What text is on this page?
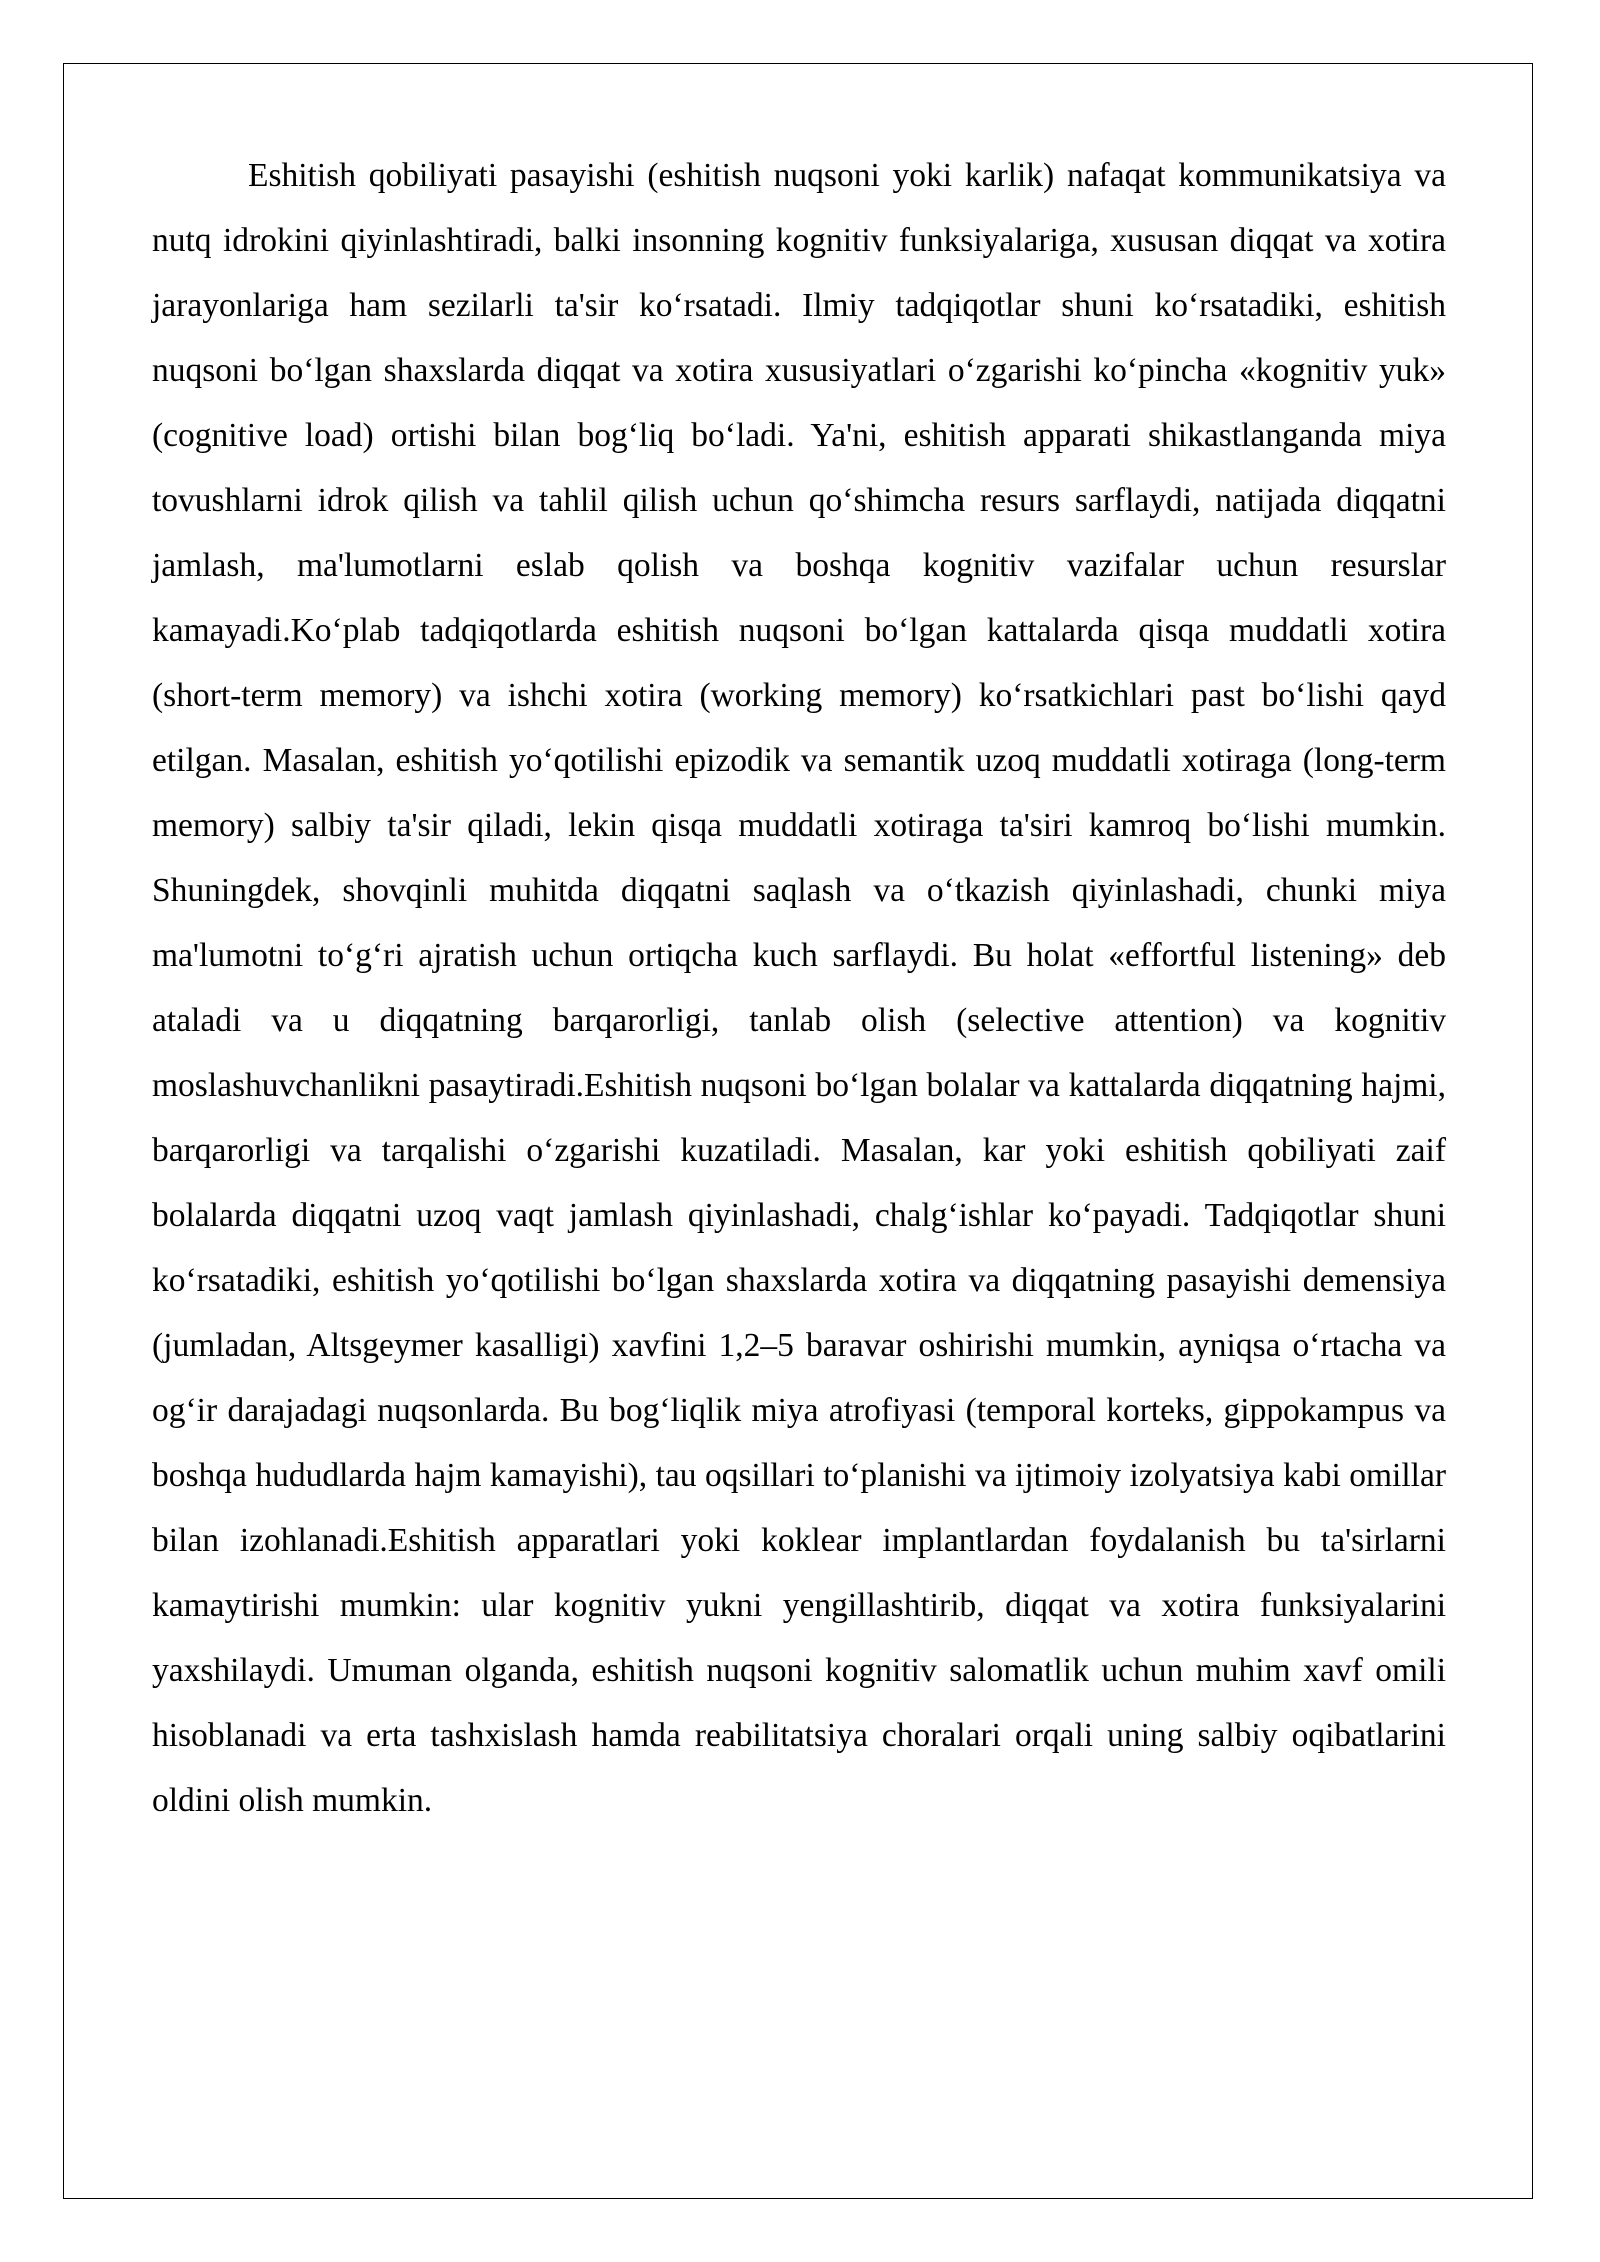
Eshitish qobiliyati pasayishi (eshitish nuqsoni yoki karlik) nafaqat kommunikatsiya va nutq idrokini qiyinlashtiradi, balki insonning kognitiv funksiyalariga, xususan diqqat va xotira jarayonlariga ham sezilarli ta'sir ko‘rsatadi. Ilmiy tadqiqotlar shuni ko‘rsatadiki, eshitish nuqsoni bo‘lgan shaxslarda diqqat va xotira xususiyatlari o‘zgarishi ko‘pincha «kognitiv yuk» (cognitive load) ortishi bilan bog‘liq bo‘ladi. Ya'ni, eshitish apparati shikastlanganda miya tovushlarni idrok qilish va tahlil qilish uchun qo‘shimcha resurs sarflaydi, natijada diqqatni jamlash, ma'lumotlarni eslab qolish va boshqa kognitiv vazifalar uchun resurslar kamayadi.Ko‘plab tadqiqotlarda eshitish nuqsoni bo‘lgan kattalarda qisqa muddatli xotira (short-term memory) va ishchi xotira (working memory) ko‘rsatkichlari past bo‘lishi qayd etilgan. Masalan, eshitish yo‘qotilishi epizodik va semantik uzoq muddatli xotiraga (long-term memory) salbiy ta'sir qiladi, lekin qisqa muddatli xotiraga ta'siri kamroq bo‘lishi mumkin. Shuningdek, shovqinli muhitda diqqatni saqlash va o‘tkazish qiyinlashadi, chunki miya ma'lumotni to‘g‘ri ajratish uchun ortiqcha kuch sarflaydi. Bu holat «effortful listening» deb ataladi va u diqqatning barqarorligi, tanlab olish (selective attention) va kognitiv moslashuvchanlikni pasaytiradi.Eshitish nuqsoni bo‘lgan bolalar va kattalarda diqqatning hajmi, barqarorligi va tarqalishi o‘zgarishi kuzatiladi. Masalan, kar yoki eshitish qobiliyati zaif bolalarda diqqatni uzoq vaqt jamlash qiyinlashadi, chalg‘ishlar ko‘payadi. Tadqiqotlar shuni ko‘rsatadiki, eshitish yo‘qotilishi bo‘lgan shaxslarda xotira va diqqatning pasayishi demensiya (jumladan, Altsgeymer kasalligi) xavfini 1,2–5 baravar oshirishi mumkin, ayniqsa o‘rtacha va og‘ir darajadagi nuqsonlarda. Bu bog‘liqlik miya atrofiyasi (temporal korteks, gippokampus va boshqa hududlarda hajm kamayishi), tau oqsillari to‘planishi va ijtimoiy izolyatsiya kabi omillar bilan izohlanadi.Eshitish apparatlari yoki koklear implantlardan foydalanish bu ta'sirlarni kamaytirishi mumkin: ular kognitiv yukni yengillashtirib, diqqat va xotira funksiyalarini yaxshilaydi. Umuman olganda, eshitish nuqsoni kognitiv salomatlik uchun muhim xavf omili hisoblanadi va erta tashxislash hamda reabilitatsiya choralari orqali uning salbiy oqibatlarini oldini olish mumkin.
